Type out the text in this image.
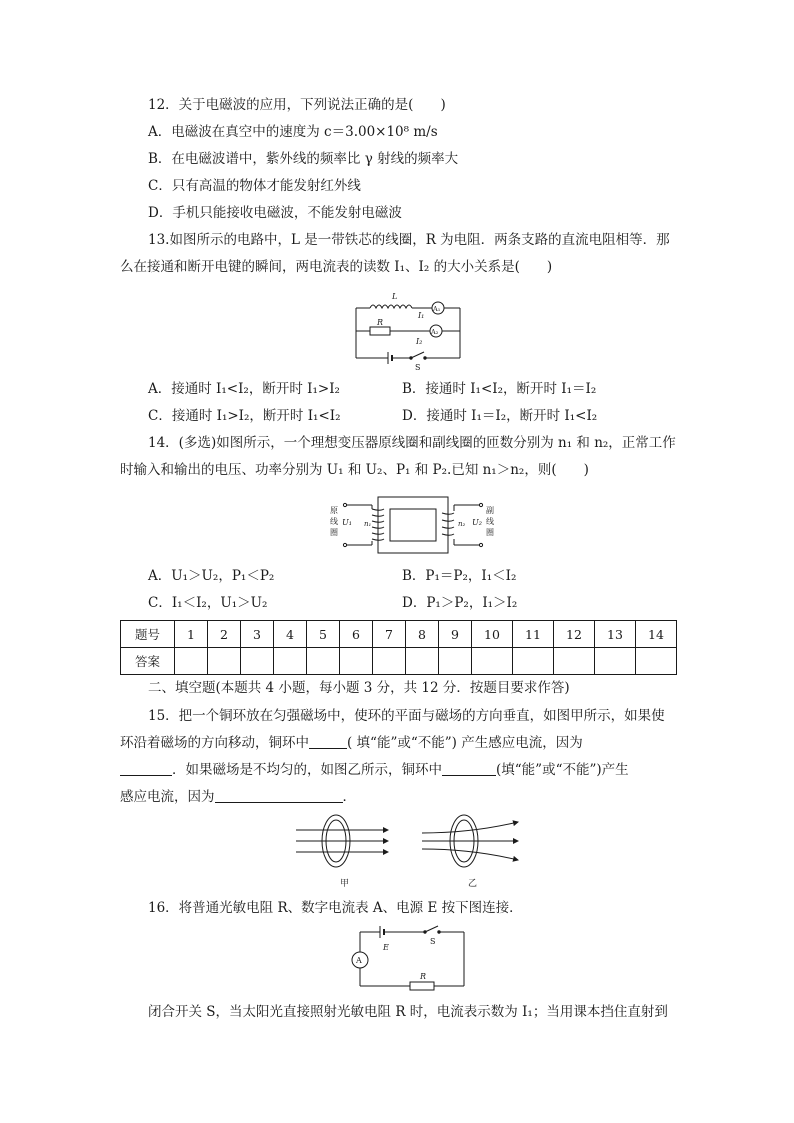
12．关于电磁波的应用，下列说法正确的是(　　)
A．电磁波在真空中的速度为 c＝3.00×10⁸ m/s
B．在电磁波谱中，紫外线的频率比 γ 射线的频率大
C．只有高温的物体才能发射红外线
D．手机只能接收电磁波，不能发射电磁波
13.如图所示的电路中，L 是一带铁芯的线圈，R 为电阻．两条支路的直流电阻相等．那
么在接通和断开电键的瞬间，两电流表的读数 I₁、I₂ 的大小关系是(　　)
L
I₁
R
I₂
S
A₁
A₂
A．接通时 I₁<I₂，断开时 I₁>I₂	B．接通时 I₁<I₂，断开时 I₁＝I₂
C．接通时 I₁>I₂，断开时 I₁<I₂	D．接通时 I₁＝I₂，断开时 I₁<I₂
14．(多选)如图所示，一个理想变压器原线圈和副线圈的匝数分别为 n₁ 和 n₂，正常工作
时输入和输出的电压、功率分别为 U₁ 和 U₂、P₁ 和 P₂.已知 n₁＞n₂，则(　　)
原
线
圈
U₁ n₁	n₂ U₂
副
线
圈
A．U₁＞U₂，P₁＜P₂	B．P₁＝P₂，I₁＜I₂
C．I₁＜I₂，U₁＞U₂	D．P₁＞P₂，I₁＞I₂
题号	1	2	3	4	5	6	7	8	9	10	11	12	13	14
答案														
二、填空题(本题共 4 小题，每小题 3 分，共 12 分．按题目要求作答)
15．把一个铜环放在匀强磁场中，使环的平面与磁场的方向垂直，如图甲所示，如果使
环沿着磁场的方向移动，铜环中	( 填“能”或“不能”) 产生感应电流，因为
．如果磁场是不均匀的，如图乙所示，铜环中	(填“能”或“不能”)产生
感应电流，因为	．
甲	乙
16．将普通光敏电阻 R、数字电流表 A、电源 E 按下图连接．
E
S
A
R
闭合开关 S，当太阳光直接照射光敏电阻 R 时，电流表示数为 I₁；当用课本挡住直射到
